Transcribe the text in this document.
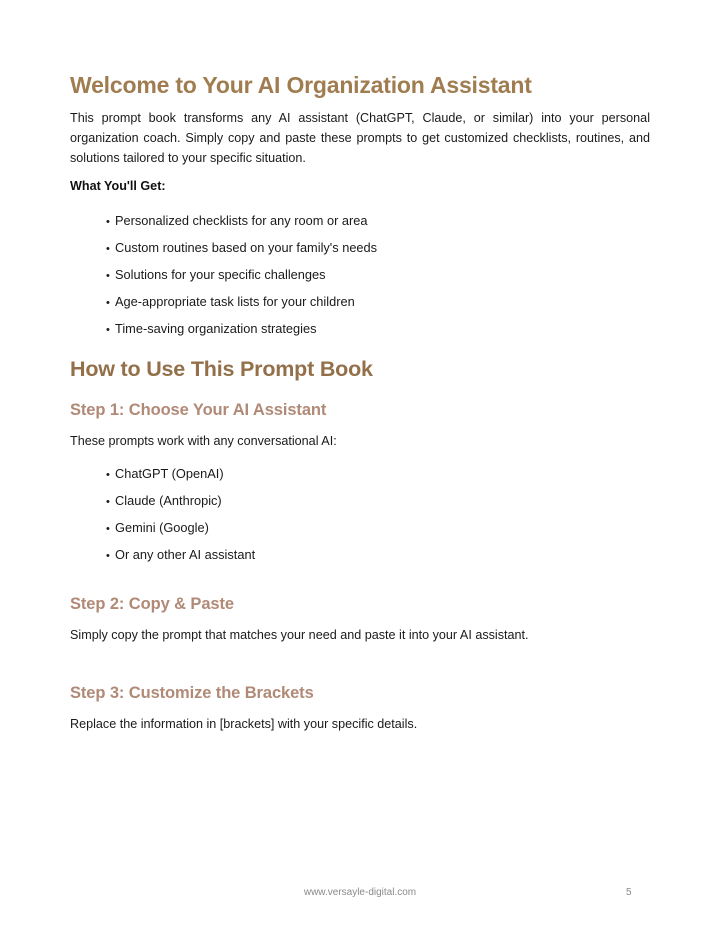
Welcome to Your AI Organization Assistant

This prompt book transforms any AI assistant (ChatGPT, Claude, or similar) into your personal organization coach. Simply copy and paste these prompts to get customized checklists, routines, and solutions tailored to your specific situation.

What You'll Get:
• Personalized checklists for any room or area
• Custom routines based on your family's needs
• Solutions for your specific challenges
• Age-appropriate task lists for your children
• Time-saving organization strategies
How to Use This Prompt Book
Step 1: Choose Your AI Assistant

These prompts work with any conversational AI:

• ChatGPT (OpenAI)
• Claude (Anthropic)
• Gemini (Google)
• Or any other AI assistant
Step 2: Copy & Paste

Simply copy the prompt that matches your need and paste it into your AI assistant.

Step 3: Customize the Brackets

Replace the information in [brackets] with your specific details.

www.versayle-digital.com	5
